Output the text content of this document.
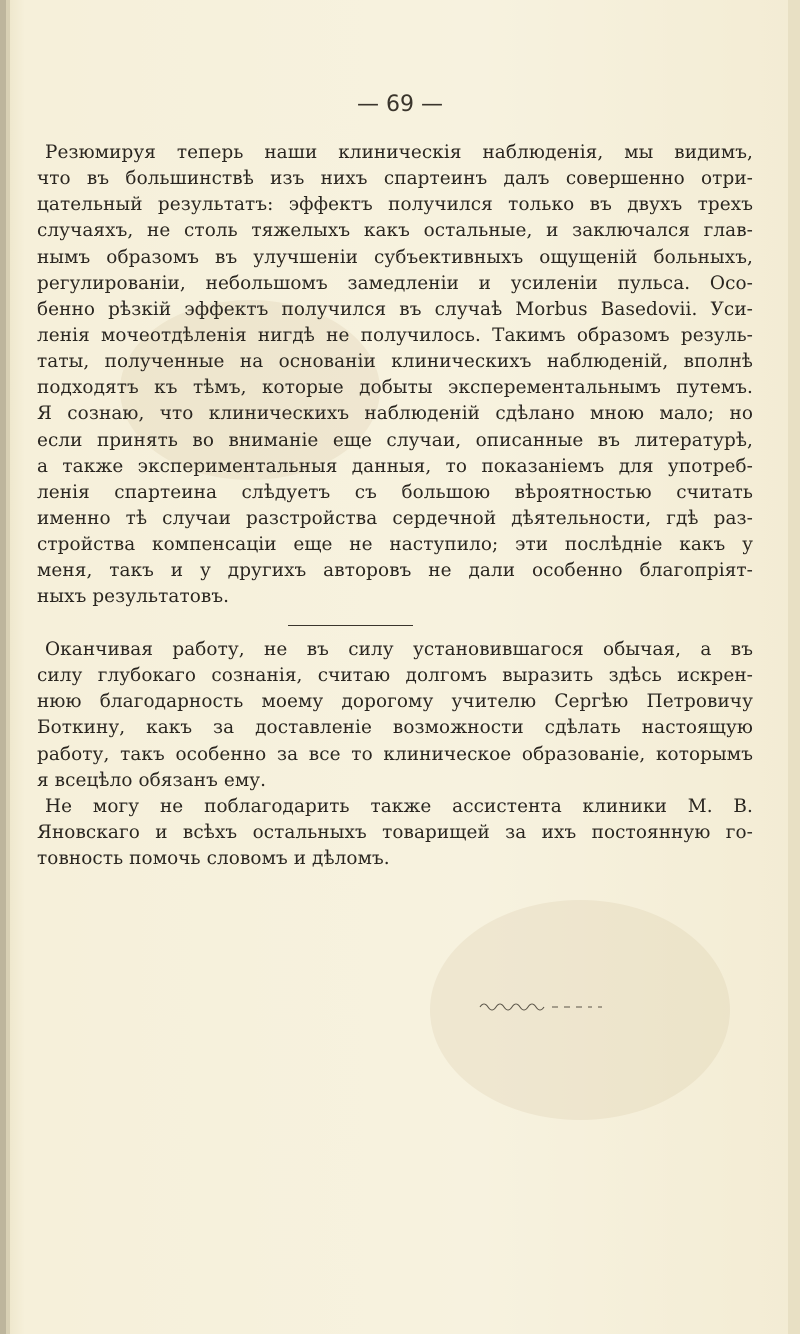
— 69 —
Резюмируя теперь наши клиническія наблюденія, мы видимъ,
что въ большинствѣ изъ нихъ спартеинъ далъ совершенно отри-
цательный результатъ: эффектъ получился только въ двухъ трехъ
случаяхъ, не столь тяжелыхъ какъ остальные, и заключался глав-
нымъ образомъ въ улучшеніи субъективныхъ ощущеній больныхъ,
регулированіи, небольшомъ замедленіи и усиленіи пульса. Осо-
бенно рѣзкій эффектъ получился въ случаѣ Morbus Basedovii. Уси-
ленія мочеотдѣленія нигдѣ не получилось. Такимъ образомъ резуль-
таты, полученные на основаніи клиническихъ наблюденій, вполнѣ
подходятъ къ тѣмъ, которые добыты эксперементальнымъ путемъ.
Я сознаю, что клиническихъ наблюденій сдѣлано мною мало; но
если принять во вниманіе еще случаи, описанные въ литературѣ,
а также экспериментальныя данныя, то показаніемъ для употреб-
ленія спартеина слѣдуетъ съ большою вѣроятностью считать
именно тѣ случаи разстройства сердечной дѣятельности, гдѣ раз-
стройства компенсаціи еще не наступило; эти послѣдніе какъ у
меня, такъ и у другихъ авторовъ не дали особенно благопріят-
ныхъ результатовъ.
Оканчивая работу, не въ силу установившагося обычая, а въ
силу глубокаго сознанія, считаю долгомъ выразить здѣсь искрен-
нюю благодарность моему дорогому учителю Сергѣю Петровичу
Боткину, какъ за доставленіе возможности сдѣлать настоящую
работу, такъ особенно за все то клиническое образованіе, которымъ
я всецѣло обязанъ ему.
Не могу не поблагодарить также ассистента клиники М. В.
Яновскаго и всѣхъ остальныхъ товарищей за ихъ постоянную го-
товность помочь словомъ и дѣломъ.
